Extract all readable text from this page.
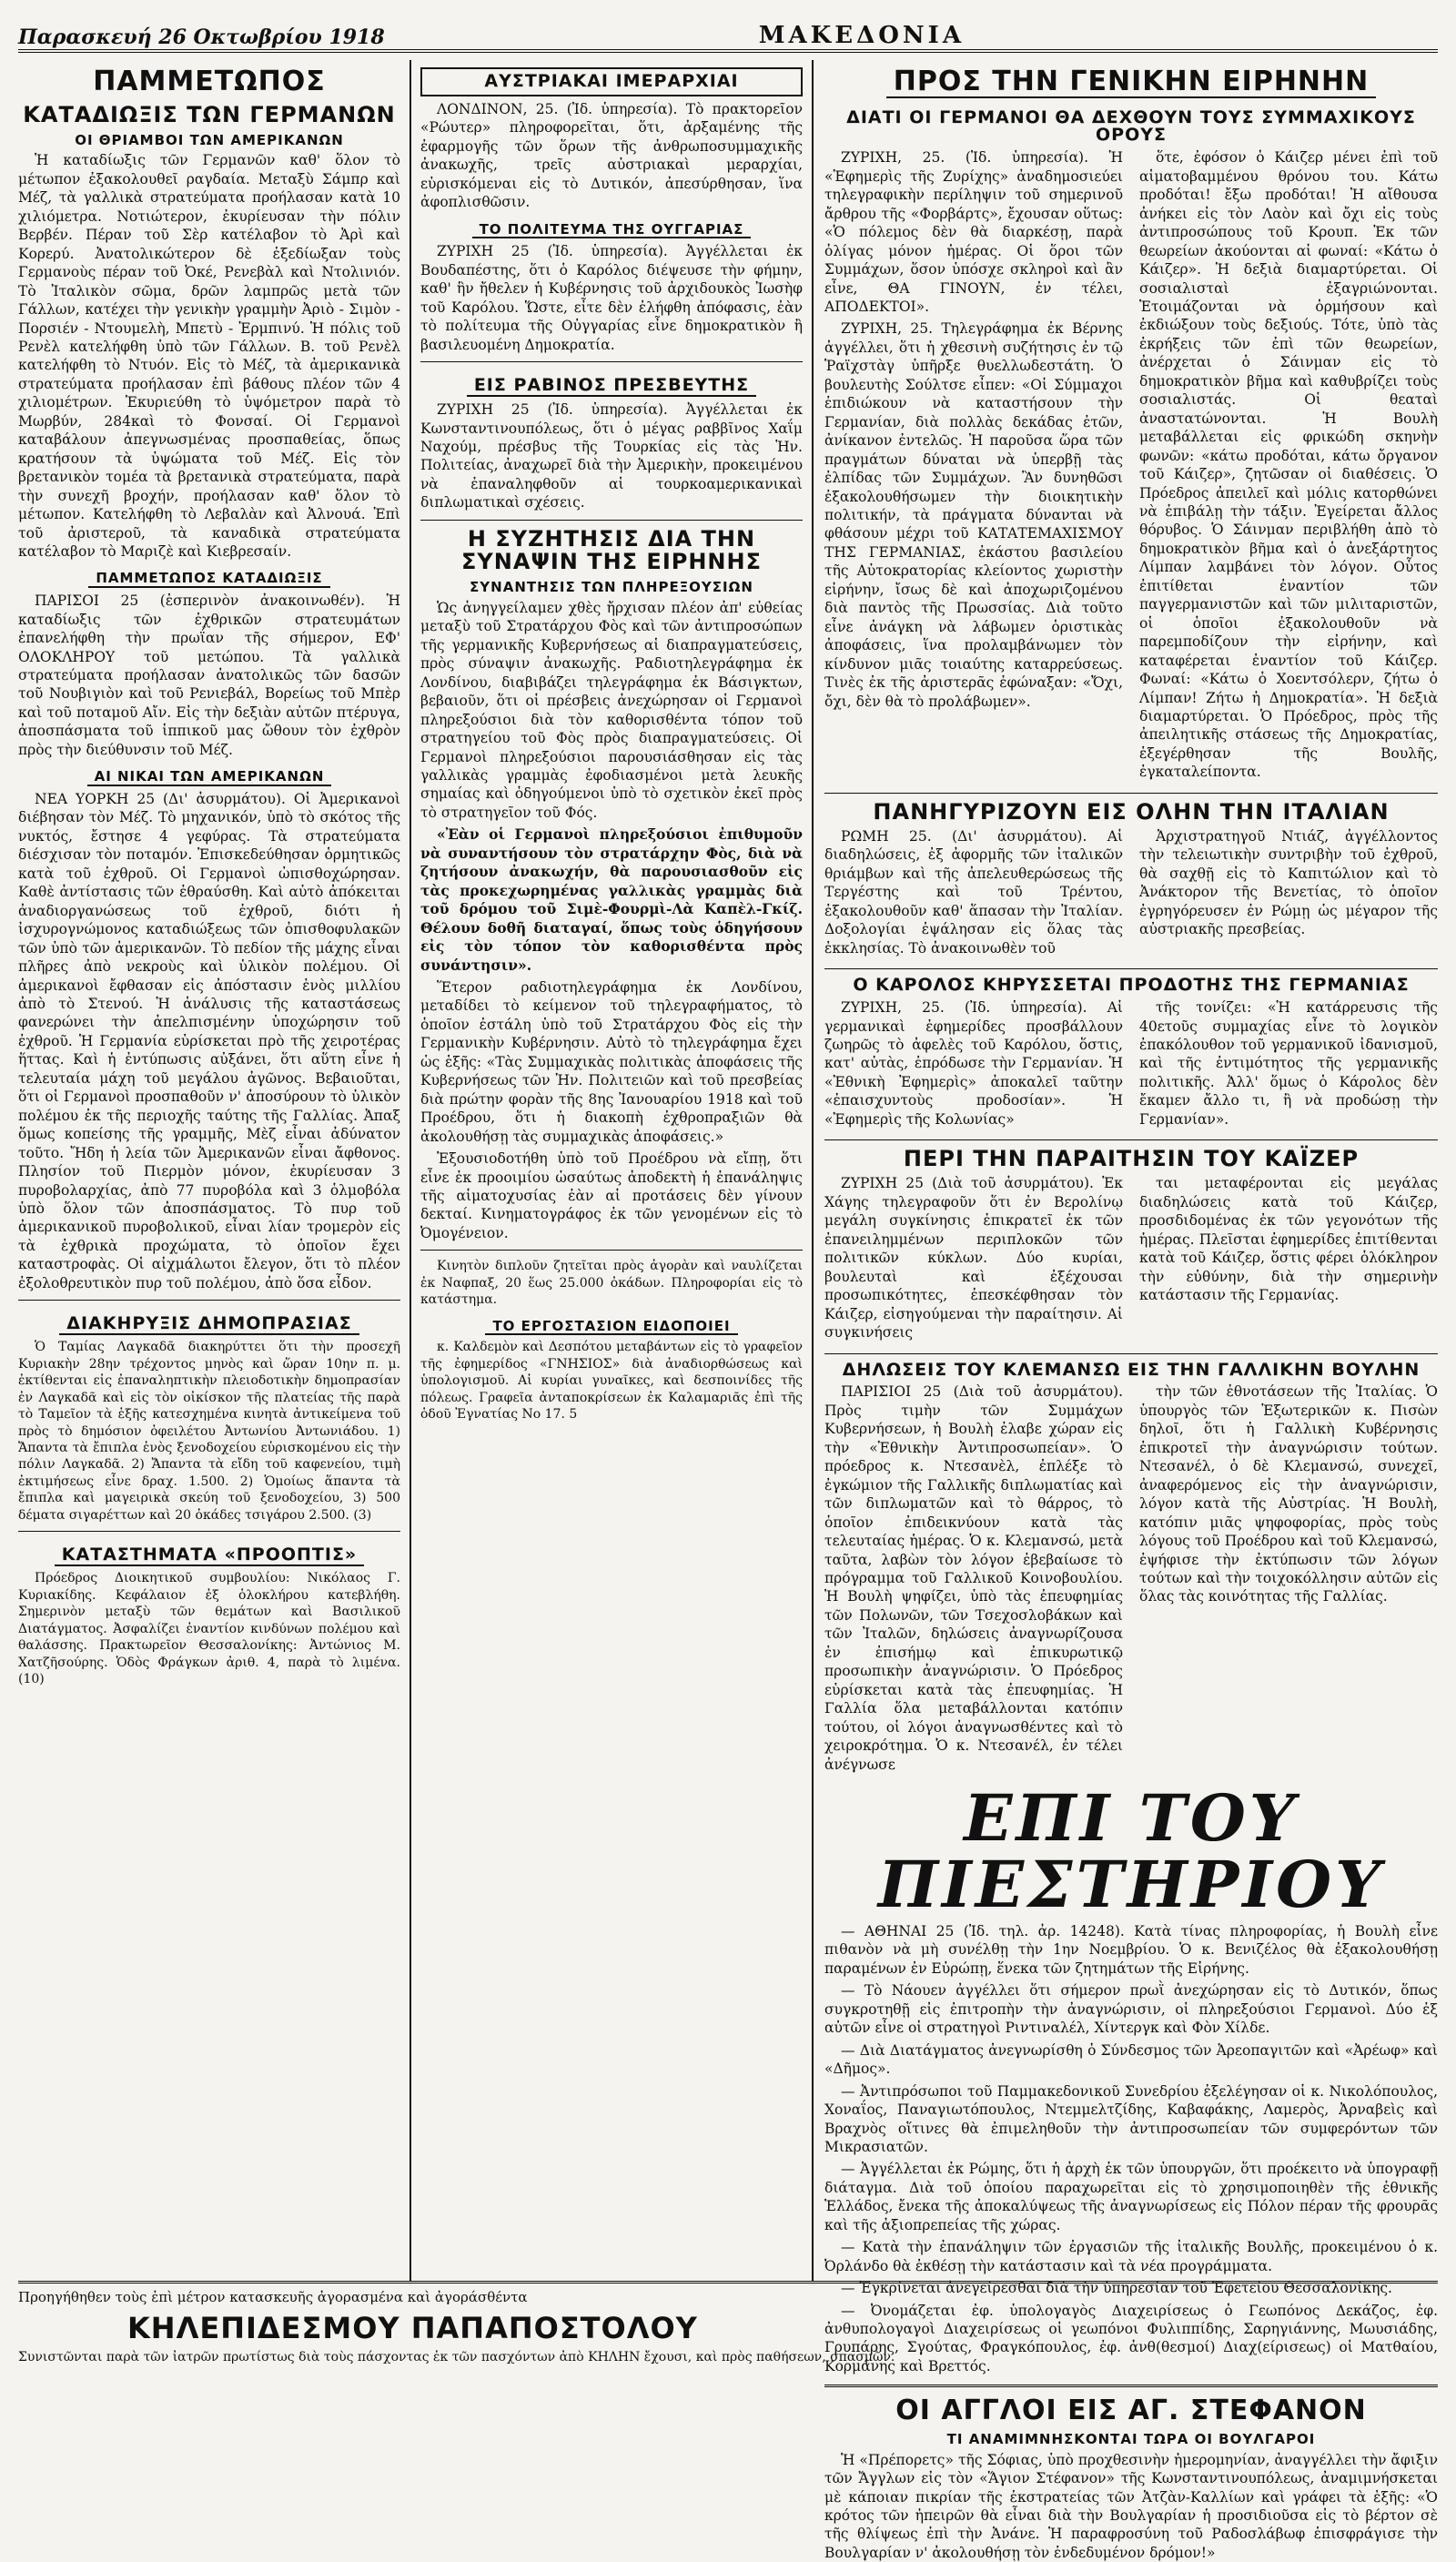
Παρασκευή 26 Οκτωβρίου 1918	ΜΑΚΕΔΟΝΙΑ
ΠΑΜΜΕΤΩΠΟΣ
ΚΑΤΑΔΙΩΞΙΣ ΤΩΝ ΓΕΡΜΑΝΩΝ
ΟΙ ΘΡΙΑΜΒΟΙ ΤΩΝ ΑΜΕΡΙΚΑΝΩΝ

Ἡ καταδίωξις τῶν Γερμανῶν καθ' ὅλον τὸ μέτωπον ἐξακολουθεῖ ραγδαία. Μεταξὺ Σάμπρ καὶ Μέζ, τὰ γαλλικὰ στρατεύματα προήλασαν κατὰ 10 χιλιόμετρα. Νοτιώτερον, ἐκυρίευσαν τὴν πόλιν Βερβέν. Πέραν τοῦ Σὲρ κατέλαβον τὸ Ἀρὶ καὶ Κορερύ. Ἀνατολικώτερον δὲ ἐξεδίωξαν τοὺς Γερμανοὺς πέραν τοῦ Ὀκέ, Ρενεβὰλ καὶ Ντολινιόν. Τὸ Ἰταλικὸν σῶμα, δρῶν λαμπρῶς μετὰ τῶν Γάλλων, κατέχει τὴν γενικὴν γραμμὴν Ἀριὸ - Σιμὸν - Πορσιέν - Ντουμελὴ, Μπετὺ - Ἐρμπινύ. Ἡ πόλις τοῦ Ρενὲλ κατελήφθη ὑπὸ τῶν Γάλλων. Β. τοῦ Ρενὲλ κατελήφθη τὸ Ντυόν. Εἰς τὸ Μέζ, τὰ ἀμερικανικὰ στρατεύματα προήλασαν ἐπὶ βάθους πλέον τῶν 4 χιλιομέτρων. Ἐκυριεύθη τὸ ὑψόμετρον παρὰ τὸ Μωρβύν, 284καὶ τὸ Φονσαί. Οἱ Γερμανοὶ καταβάλουν ἀπεγνωσμένας προσπαθείας, ὅπως κρατήσουν τὰ ὑψώματα τοῦ Μέζ. Εἰς τὸν βρετανικὸν τομέα τὰ βρετανικὰ στρατεύματα, παρὰ τὴν συνεχῆ βροχήν, προήλασαν καθ' ὅλον τὸ μέτωπον. Κατελήφθη τὸ Λεβαλὰν καὶ Ἀλνουά. Ἐπὶ τοῦ ἀριστεροῦ, τὰ καναδικὰ στρατεύματα κατέλαβον τὸ Μαριζὲ καὶ Κιεβρεσαίν.

ΠΑΜΜΕΤΩΠΟΣ ΚΑΤΑΔΙΩΞΙΣ

ΠΑΡΙΣΟΙ 25 (ἑσπερινὸν ἀνακοινωθέν). Ἡ καταδίωξις τῶν ἐχθρικῶν στρατευμάτων ἐπανελήφθη τὴν πρωΐαν τῆς σήμερον, ΕΦ' ΟΛΟΚΛΗΡΟΥ τοῦ μετώπου. Τὰ γαλλικὰ στρατεύματα προήλασαν ἀνατολικῶς τῶν δασῶν τοῦ Νουβιγιὸν καὶ τοῦ Ρενιεβάλ, Βορείως τοῦ Μπὲρ καὶ τοῦ ποταμοῦ Αἴν. Εἰς τὴν δεξιὰν αὐτῶν πτέρυγα, ἀποσπάσματα τοῦ ἱππικοῦ μας ὤθουν τὸν ἐχθρὸν πρὸς τὴν διεύθυνσιν τοῦ Μέζ.

ΑΙ ΝΙΚΑΙ ΤΩΝ ΑΜΕΡΙΚΑΝΩΝ

ΝΕΑ ΥΟΡΚΗ 25 (Δι' ἀσυρμάτου). Οἱ Ἀμερικανοὶ διέβησαν τὸν Μέζ. Τὸ μηχανικόν, ὑπὸ τὸ σκότος τῆς νυκτός, ἔστησε 4 γεφύρας. Τὰ στρατεύματα διέσχισαν τὸν ποταμόν. Ἐπισκεδεύθησαν ὁρμητικῶς κατὰ τοῦ ἐχθροῦ. Οἱ Γερμανοὶ ὠπισθοχώρησαν. Καθὲ ἀντίστασις τῶν ἐθραύσθη. Καὶ αὐτὸ ἀπόκειται ἀναδιοργανώσεως τοῦ ἐχθροῦ, διότι ἡ ἰσχυρογνώμονος καταδιώξεως τῶν ὀπισθοφυλακῶν τῶν ὑπὸ τῶν ἀμερικανῶν. Τὸ πεδίον τῆς μάχης εἶναι πλῆρες ἀπὸ νεκροὺς καὶ ὑλικὸν πολέμου. Οἱ ἀμερικανοὶ ἔφθασαν εἰς ἀπόστασιν ἑνὸς μιλλίου ἀπὸ τὸ Στενού. Ἡ ἀνάλυσις τῆς καταστάσεως φανερώνει τὴν ἀπελπισμένην ὑποχώρησιν τοῦ ἐχθροῦ. Ἡ Γερμανία εὑρίσκεται πρὸ τῆς χειροτέρας ἥττας. Καὶ ἡ ἐντύπωσις αὐξάνει, ὅτι αὕτη εἶνε ἡ τελευταία μάχη τοῦ μεγάλου ἀγῶνος. Βεβαιοῦται, ὅτι οἱ Γερμανοὶ προσπαθοῦν ν' ἀποσύρουν τὸ ὑλικὸν πολέμου ἐκ τῆς περιοχῆς ταύτης τῆς Γαλλίας. Ἀπαξ ὅμως κοπείσης τῆς γραμμῆς, Μὲζ εἶναι ἀδύνατον τοῦτο. Ἤδη ἡ λεία τῶν Ἀμερικανῶν εἶναι ἄφθονος. Πλησίον τοῦ Πιερμὸν μόνον, ἐκυρίευσαν 3 πυροβολαρχίας, ἀπὸ 77 πυροβόλα καὶ 3 ὁλμοβόλα ὑπὸ ὅλον τῶν ἀποσπάσματος. Τὸ πυρ τοῦ ἀμερικανικοῦ πυροβολικοῦ, εἶναι λίαν τρομερὸν εἰς τὰ ἐχθρικὰ προχώματα, τὸ ὁποῖον ἔχει καταστροφὰς. Οἱ αἰχμάλωτοι ἔλεγον, ὅτι τὸ πλέον ἐξολοθρευτικὸν πυρ τοῦ πολέμου, ἀπὸ ὅσα εἶδον.

ΔΙΑΚΗΡΥΞΙΣ ΔΗΜΟΠΡΑΣΙΑΣ

Ὁ Ταμίας Λαγκαδᾶ διακηρύττει ὅτι τὴν προσεχῆ Κυριακὴν 28ην τρέχοντος μηνὸς καὶ ὥραν 10ην π. μ. ἐκτίθενται εἰς ἐπαναληπτικὴν πλειοδοτικὴν δημοπρασίαν ἐν Λαγκαδᾶ καὶ εἰς τὸν οἰκίσκον τῆς πλατείας τῆς παρὰ τὸ Ταμεῖον τὰ ἑξῆς κατεσχημένα κινητὰ ἀντικείμενα τοῦ πρὸς τὸ δημόσιον ὀφειλέτου Ἀντωνίου Ἀντωνιάδου. 1) Ἄπαντα τὰ ἔπιπλα ἑνὸς ξενοδοχείου εὑρισκομένου εἰς τὴν πόλιν Λαγκαδᾶ. 2) Ἄπαντα τὰ εἴδη τοῦ καφενείου, τιμὴ ἐκτιμήσεως εἶνε δραχ. 1.500. 2) Ὁμοίως ἅπαντα τὰ ἔπιπλα καὶ μαγειρικὰ σκεύη τοῦ ξενοδοχείου, 3) 500 δέματα σιγαρέττων καὶ 20 ὀκάδες τσιγάρου 2.500. (3)

ΚΑΤΑΣΤΗΜΑΤΑ «ΠΡΟΟΠΤΙΣ»

Πρόεδρος Διοικητικοῦ συμβουλίου: Νικόλαος Γ. Κυριακίδης. Κεφάλαιον ἐξ ὁλοκλήρου κατεβλήθη. Σημερινὸν μεταξὺ τῶν θεμάτων καὶ Βασιλικοῦ Διατάγματος. Ἀσφαλίζει ἐναντίον κινδύνων πολέμου καὶ θαλάσσης. Πρακτωρεῖον Θεσσαλονίκης: Ἀντώνιος Μ. Χατζῆσούρης. Ὁδὸς Φράγκων ἀριθ. 4, παρὰ τὸ λιμένα. (10)

ΑΥΣΤΡΙΑΚΑΙ ΙΜΕΡΑΡΧΙΑΙ

ΛΟΝΔΙΝΟΝ, 25. (Ἰδ. ὑπηρεσία). Τὸ πρακτορεῖον «Ρώυτερ» πληροφορεῖται, ὅτι, ἀρξαμένης τῆς ἐφαρμογῆς τῶν ὅρων τῆς ἀνθρωποσυμμαχικῆς ἀνακωχῆς, τρεῖς αὐστριακαὶ μεραρχίαι, εὑρισκόμεναι εἰς τὸ Δυτικόν, ἀπεσύρθησαν, ἵνα ἀφοπλισθῶσιν.

ΤΟ ΠΟΛΙΤΕΥΜΑ ΤΗΣ ΟΥΓΓΑΡΙΑΣ

ΖΥΡΙΧΗ 25 (Ἰδ. ὑπηρεσία). Ἀγγέλλεται ἐκ Βουδαπέστης, ὅτι ὁ Καρόλος διέψευσε τὴν φήμην, καθ' ἣν ἤθελεν ἡ Κυβέρνησις τοῦ ἀρχιδουκὸς Ἰωσὴφ τοῦ Καρόλου. Ὥστε, εἶτε δὲν ἐλήφθη ἀπόφασις, ἐὰν τὸ πολίτευμα τῆς Οὐγγαρίας εἶνε δημοκρατικὸν ἢ βασιλευομένη Δημοκρατία.

ΕΙΣ ΡΑΒΙΝΟΣ ΠΡΕΣΒΕΥΤΗΣ

ΖΥΡΙΧΗ 25 (Ἰδ. ὑπηρεσία). Ἀγγέλλεται ἐκ Κωνσταντινουπόλεως, ὅτι ὁ μέγας ραββῖνος Χαΐμ Ναχούμ, πρέσβυς τῆς Τουρκίας εἰς τὰς Ἡν. Πολιτείας, ἀναχωρεῖ διὰ τὴν Ἀμερικὴν, προκειμένου νὰ ἐπαναληφθοῦν αἱ τουρκοαμερικανικαὶ διπλωματικαὶ σχέσεις.

Η ΣΥΖΗΤΗΣΙΣ ΔΙΑ ΤΗΝ ΣΥΝΑΨΙΝ ΤΗΣ ΕΙΡΗΝΗΣ
ΣΥΝΑΝΤΗΣΙΣ ΤΩΝ ΠΛΗΡΕΞΟΥΣΙΩΝ

Ὡς ἀνηγγείλαμεν χθὲς ἤρχισαν πλέον ἀπ' εὐθείας μεταξὺ τοῦ Στρατάρχου Φὸς καὶ τῶν ἀντιπροσώπων τῆς γερμανικῆς Κυβερνήσεως αἱ διαπραγματεύσεις, πρὸς σύναψιν ἀνακωχῆς. Ραδιοτηλεγράφημα ἐκ Λονδίνου, διαβιβάζει τηλεγράφημα ἐκ Βάσιγκτων, βεβαιοῦν, ὅτι οἱ πρέσβεις ἀνεχώρησαν οἱ Γερμανοὶ πληρεξούσιοι διὰ τὸν καθορισθέντα τόπον τοῦ στρατηγείου τοῦ Φὸς πρὸς διαπραγματεύσεις. Οἱ Γερμανοὶ πληρεξούσιοι παρουσιάσθησαν εἰς τὰς γαλλικὰς γραμμὰς ἐφοδιασμένοι μετὰ λευκῆς σημαίας καὶ ὁδηγούμενοι ὑπὸ τὸ σχετικὸν ἐκεῖ πρὸς τὸ στρατηγεῖον τοῦ Φός.

«Ἐὰν οἱ Γερμανοὶ πληρεξούσιοι ἐπιθυμοῦν νὰ συναντήσουν τὸν στρατάρχην Φὸς, διὰ νὰ ζητήσουν ἀνακωχήν, θὰ παρουσιασθοῦν εἰς τὰς προκεχωρημένας γαλλικὰς γραμμὰς διὰ τοῦ δρόμου τοῦ Σιμὲ-Φουρμὶ-Λὰ Καπὲλ-Γκίζ. Θέλουν δοθῆ διαταγαί, ὅπως τοὺς ὁδηγήσουν εἰς τὸν τόπον τὸν καθορισθέντα πρὸς συνάντησιν».

Ἕτερον ραδιοτηλεγράφημα ἐκ Λονδίνου, μεταδίδει τὸ κείμενον τοῦ τηλεγραφήματος, τὸ ὁποῖον ἐστάλη ὑπὸ τοῦ Στρατάρχου Φὸς εἰς τὴν Γερμανικὴν Κυβέρνησιν. Αὐτὸ τὸ τηλεγράφημα ἔχει ὡς ἑξῆς: «Τὰς Συμμαχικὰς πολιτικὰς ἀποφάσεις τῆς Κυβερνήσεως τῶν Ἡν. Πολιτειῶν καὶ τοῦ πρεσβείας διὰ πρώτην φορὰν τῆς 8ης Ἰανουαρίου 1918 καὶ τοῦ Προέδρου, ὅτι ἡ διακοπὴ ἐχθροπραξιῶν θὰ ἀκολουθήσῃ τὰς συμμαχικὰς ἀποφάσεις.»

Ἐξουσιοδοτήθη ὑπὸ τοῦ Προέδρου νὰ εἴπῃ, ὅτι εἶνε ἐκ προοιμίου ὡσαύτως ἀποδεκτὴ ἡ ἐπανάληψις τῆς αἱματοχυσίας ἐὰν αἱ προτάσεις δὲν γίνουν δεκταί. Κινηματογράφος ἐκ τῶν γενομένων εἰς τὸ Ὀμογένειον.

Κινητὸν διπλοῦν ζητεῖται πρὸς ἀγορὰν καὶ ναυλίζεται ἐκ Ναφπαξ, 20 ἕως 25.000 ὀκάδων. Πληροφορίαι εἰς τὸ κατάστημα.

ΤΟ ΕΡΓΟΣΤΑΣΙΟΝ ΕΙΔΟΠΟΙΕΙ

κ. Καλδεμὸν καὶ Δεσπότου μεταβάντων εἰς τὸ γραφεῖον τῆς ἐφημερίδος «ΓΝΗΣΙΟΣ» διὰ ἀναδιορθώσεως καὶ ὑπολογισμοῦ. Αἱ κυρίαι γυναῖκες, καὶ δεσποινίδες τῆς πόλεως. Γραφεῖα ἀνταποκρίσεων ἐκ Καλαμαριᾶς ἐπὶ τῆς ὁδοῦ Ἐγνατίας No 17. 5

ΠΡΟΣ ΤΗΝ ΓΕΝΙΚΗΝ ΕΙΡΗΝΗΝ
ΔΙΑΤΙ ΟΙ ΓΕΡΜΑΝΟΙ ΘΑ ΔΕΧΘΟΥΝ ΤΟΥΣ ΣΥΜΜΑΧΙΚΟΥΣ ΟΡΟΥΣ

ΖΥΡΙΧΗ, 25. (Ἰδ. ὑπηρεσία). Ἡ «Ἐφημερὶς τῆς Ζυρίχης» ἀναδημοσιεύει τηλεγραφικὴν περίληψιν τοῦ σημερινοῦ ἄρθρου τῆς «Φορβάρτς», ἔχουσαν οὕτως: «Ὁ πόλεμος δὲν θὰ διαρκέσῃ, παρὰ ὀλίγας μόνον ἡμέρας. Οἱ ὅροι τῶν Συμμάχων, ὅσον ὑπόσχε σκληροὶ καὶ ἂν εἶνε, ΘΑ ΓΙΝΟΥΝ, ἐν τέλει, ΑΠΟΔΕΚΤΟΙ».

ΖΥΡΙΧΗ, 25. Τηλεγράφημα ἐκ Βέρνης ἀγγέλλει, ὅτι ἡ χθεσινὴ συζήτησις ἐν τῷ Ῥαϊχστὰγ ὑπῆρξε θυελλωδεστάτη. Ὁ βουλευτὴς Σούλτσε εἶπεν: «Οἱ Σύμμαχοι ἐπιδιώκουν νὰ καταστήσουν τὴν Γερμανίαν, διὰ πολλὰς δεκάδας ἐτῶν, ἀνίκανον ἐντελῶς. Ἡ παροῦσα ὥρα τῶν πραγμάτων δύναται νὰ ὑπερβῇ τὰς ἐλπίδας τῶν Συμμάχων. Ἂν δυνηθῶσι ἐξακολουθήσωμεν τὴν διοικητικὴν πολιτικήν, τὰ πράγματα δύνανται νὰ φθάσουν μέχρι τοῦ ΚΑΤΑΤΕΜΑΧΙΣΜΟΥ ΤΗΣ ΓΕΡΜΑΝΙΑΣ, ἐκάστου βασιλείου τῆς Αὐτοκρατορίας κλείοντος χωριστὴν εἰρήνην, ἴσως δὲ καὶ ἀποχωριζομένου διὰ παντὸς τῆς Πρωσσίας. Διὰ τοῦτο εἶνε ἀνάγκη νὰ λάβωμεν ὁριστικὰς ἀποφάσεις, ἵνα προλαμβάνωμεν τὸν κίνδυνον μιᾶς τοιαύτης καταρρεύσεως. Τινὲς ἐκ τῆς ἀριστερᾶς ἐφώναξαν: «Ὄχι, ὄχι, δὲν θὰ τὸ προλάβωμεν».

ὅτε, ἐφόσον ὁ Κάιζερ μένει ἐπὶ τοῦ αἱματοβαμμένου θρόνου του. Κάτω προδόται! ἔξω προδόται! Ἡ αἴθουσα ἀνήκει εἰς τὸν Λαὸν καὶ ὄχι εἰς τοὺς ἀντιπροσώπους τοῦ Κρουπ. Ἐκ τῶν θεωρείων ἀκούονται αἱ φωναί: «Κάτω ὁ Κάιζερ». Ἡ δεξιὰ διαμαρτύρεται. Οἱ σοσιαλισταὶ ἐξαγριώνονται. Ἑτοιμάζονται νὰ ὁρμήσουν καὶ ἐκδιώξουν τοὺς δεξιούς. Τότε, ὑπὸ τὰς ἐκρήξεις τῶν ἐπὶ τῶν θεωρείων, ἀνέρχεται ὁ Σάινμαν εἰς τὸ δημοκρατικὸν βῆμα καὶ καθυβρίζει τοὺς σοσιαλιστάς. Οἱ θεαταὶ ἀναστατώνονται. Ἡ Βουλὴ μεταβάλλεται εἰς φρικώδη σκηνὴν φωνῶν: «κάτω προδόται, κάτω ὄργανον τοῦ Κάιζερ», ζητῶσαν οἱ διαθέσεις. Ὁ Πρόεδρος ἀπειλεῖ καὶ μόλις κατορθώνει νὰ ἐπιβάλῃ τὴν τάξιν. Ἐγείρεται ἄλλος θόρυβος. Ὁ Σάινμαν περιβλήθη ἀπὸ τὸ δημοκρατικὸν βῆμα καὶ ὁ ἀνεξάρτητος Λίμπαν λαμβάνει τὸν λόγον. Οὗτος ἐπιτίθεται ἐναντίον τῶν παγγερμανιστῶν καὶ τῶν μιλιταριστῶν, οἱ ὁποῖοι ἐξακολουθοῦν νὰ παρεμποδίζουν τὴν εἰρήνην, καὶ καταφέρεται ἐναντίον τοῦ Κάιζερ. Φωναί: «Κάτω ὁ Χοεντσόλερν, ζήτω ὁ Λίμπαν! Ζήτω ἡ Δημοκρατία». Ἡ δεξιὰ διαμαρτύρεται. Ὁ Πρόεδρος, πρὸς τῆς ἀπειλητικῆς στάσεως τῆς Δημοκρατίας, ἐξεγέρθησαν τῆς Βουλῆς, ἐγκαταλείποντα.

ΠΑΝΗΓΥΡΙΖΟΥΝ ΕΙΣ ΟΛΗΝ ΤΗΝ ΙΤΑΛΙΑΝ

ΡΩΜΗ 25. (Δι' ἀσυρμάτου). Αἱ διαδηλώσεις, ἐξ ἀφορμῆς τῶν ἰταλικῶν θριάμβων καὶ τῆς ἀπελευθερώσεως τῆς Τεργέστης καὶ τοῦ Τρέντου, ἐξακολουθοῦν καθ' ἅπασαν τὴν Ἰταλίαν. Δοξολογίαι ἐψάλησαν εἰς ὅλας τὰς ἐκκλησίας. Τὸ ἀνακοινωθὲν τοῦ

Ἀρχιστρατηγοῦ Ντιάζ, ἀγγέλλοντος τὴν τελειωτικὴν συντριβὴν τοῦ ἐχθροῦ, θὰ σαχθῇ εἰς τὸ Καπιτώλιον καὶ τὸ Ἀνάκτορον τῆς Βενετίας, τὸ ὁποῖον ἐγρηγόρευσεν ἐν Ρώμῃ ὡς μέγαρον τῆς αὐστριακῆς πρεσβείας.

Ο ΚΑΡΟΛΟΣ ΚΗΡΥΣΣΕΤΑΙ ΠΡΟΔΟΤΗΣ ΤΗΣ ΓΕΡΜΑΝΙΑΣ

ΖΥΡΙΧΗ, 25. (Ἰδ. ὑπηρεσία). Αἱ γερμανικαὶ ἐφημερίδες προσβάλλουν ζωηρῶς τὸ ἀφελὲς τοῦ Καρόλου, ὅστις, κατ' αὐτὰς, ἐπρόδωσε τὴν Γερμανίαν. Ἡ «Ἐθνικὴ Ἐφημερὶς» ἀποκαλεῖ ταῦτην «ἐπαισχυντοὺς προδοσίαν». Ἡ «Ἐφημερὶς τῆς Κολωνίας»

τῆς τονίζει: «Ἡ κατάρρευσις τῆς 40ετοῦς συμμαχίας εἶνε τὸ λογικὸν ἐπακόλουθον τοῦ γερμανικοῦ ἰδανισμοῦ, καὶ τῆς ἐντιμότητος τῆς γερμανικῆς πολιτικῆς. Ἀλλ' ὅμως ὁ Κάρολος δὲν ἔκαμεν ἄλλο τι, ἢ νὰ προδώσῃ τὴν Γερμανίαν».

ΠΕΡΙ ΤΗΝ ΠΑΡΑΙΤΗΣΙΝ ΤΟΥ ΚΑΪΖΕΡ

ΖΥΡΙΧΗ 25 (Διὰ τοῦ ἀσυρμάτου). Ἐκ Χάγης τηλεγραφοῦν ὅτι ἐν Βερολίνῳ μεγάλη συγκίνησις ἐπικρατεῖ ἐκ τῶν ἐπανειλημμένων περιπλοκῶν τῶν πολιτικῶν κύκλων. Δύο κυρίαι, βουλευταὶ καὶ ἐξέχουσαι προσωπικότητες, ἐπεσκέφθησαν τὸν Κάιζερ, εἰσηγούμεναι τὴν παραίτησιν. Αἱ συγκινήσεις

ται μεταφέρονται εἰς μεγάλας διαδηλώσεις κατὰ τοῦ Κάιζερ, προσδιδομένας ἐκ τῶν γεγονότων τῆς ἡμέρας. Πλεῖσται ἐφημερίδες ἐπιτίθενται κατὰ τοῦ Κάιζερ, ὅστις φέρει ὁλόκληρον τὴν εὐθύνην, διὰ τὴν σημερινὴν κατάστασιν τῆς Γερμανίας.

ΔΗΛΩΣΕΙΣ ΤΟΥ ΚΛΕΜΑΝΣΩ ΕΙΣ ΤΗΝ ΓΑΛΛΙΚΗΝ ΒΟΥΛΗΝ

ΠΑΡΙΣΙΟΙ 25 (Διὰ τοῦ ἀσυρμάτου). Πρὸς τιμὴν τῶν Συμμάχων Κυβερνήσεων, ἡ Βουλὴ ἐλαβε χώραν εἰς τὴν «Ἐθνικὴν Ἀντιπροσωπείαν». Ὁ πρόεδρος κ. Ντεσανὲλ, ἐπλέξε τὸ ἐγκώμιον τῆς Γαλλικῆς διπλωματίας καὶ τῶν διπλωματῶν καὶ τὸ θάρρος, τὸ ὁποῖον ἐπιδεικνύουν κατὰ τὰς τελευταίας ἡμέρας. Ὁ κ. Κλεμανσώ, μετὰ ταῦτα, λαβὼν τὸν λόγον ἐβεβαίωσε τὸ πρόγραμμα τοῦ Γαλλικοῦ Κοινοβουλίου. Ἡ Βουλὴ ψηφίζει, ὑπὸ τὰς ἐπευφημίας τῶν Πολωνῶν, τῶν Τσεχοσλοβάκων καὶ τῶν Ἰταλῶν, δηλώσεις ἀναγνωρίζουσα ἐν ἐπισήμῳ καὶ ἐπικυρωτικῷ προσωπικὴν ἀναγνώρισιν. Ὁ Πρόεδρος εὑρίσκεται κατὰ τὰς ἐπευφημίας. Ἡ Γαλλία ὅλα μεταβάλλονται κατόπιν τούτου, οἱ λόγοι ἀναγνωσθέντες καὶ τὸ χειροκρότημα. Ὁ κ. Ντεσανέλ, ἐν τέλει ἀνέγνωσε

τὴν τῶν ἐθνοτάσεων τῆς Ἰταλίας. Ὁ ὑπουργὸς τῶν Ἐξωτερικῶν κ. Πισὼν δηλοῖ, ὅτι ἡ Γαλλικὴ Κυβέρνησις ἐπικροτεῖ τὴν ἀναγνώρισιν τούτων. Ντεσανέλ, ὁ δὲ Κλεμανσώ, συνεχεῖ, ἀναφερόμενος εἰς τὴν ἀναγνώρισιν, λόγον κατὰ τῆς Αὐστρίας. Ἡ Βουλὴ, κατόπιν μιᾶς ψηφοφορίας, πρὸς τοὺς λόγους τοῦ Προέδρου καὶ τοῦ Κλεμανσώ, ἐψήφισε τὴν ἐκτύπωσιν τῶν λόγων τούτων καὶ τὴν τοιχοκόλλησιν αὐτῶν εἰς ὅλας τὰς κοινότητας τῆς Γαλλίας.

ΕΠΙ ΤΟΥ ΠΙΕΣΤΗΡΙΟΥ

— ΑΘΗΝΑΙ 25 (Ἰδ. τηλ. ἀρ. 14248). Κατὰ τίνας πληροφορίας, ἡ Βουλὴ εἶνε πιθανὸν νὰ μὴ συνέλθῃ τὴν 1ην Νοεμβρίου. Ὁ κ. Βενιζέλος θὰ ἐξακολουθήσῃ παραμένων ἐν Εὐρώπῃ, ἕνεκα τῶν ζητημάτων τῆς Εἰρήνης.

— Τὸ Νάουεν ἀγγέλλει ὅτι σήμερον πρωῒ ἀνεχώρησαν εἰς τὸ Δυτικόν, ὅπως συγκροτηθῇ εἰς ἐπιτροπὴν τὴν ἀναγνώρισιν, οἱ πληρεξούσιοι Γερμανοὶ. Δύο ἐξ αὐτῶν εἶνε οἱ στρατηγοὶ Ριντιναλέλ, Χίντεργκ καὶ Φὸν Χίλδε.

— Διὰ Διατάγματος ἀνεγνωρίσθη ὁ Σύνδεσμος τῶν Ἀρεοπαγιτῶν καὶ «Ἀρέωφ» καὶ «Δῆμος».

— Ἀντιπρόσωποι τοῦ Παμμακεδονικοῦ Συνεδρίου ἐξελέγησαν οἱ κ. Νικολόπουλος, Χοναΐος, Παναγιωτόπουλος, Ντεμμελτζίδης, Καβαφάκης, Λαμερὸς, Ἀρναβεὶς καὶ Βραχνὸς οἵτινες θὰ ἐπιμεληθοῦν τὴν ἀντιπροσωπείαν τῶν συμφερόντων τῶν Μικρασιατῶν.

— Ἀγγέλλεται ἐκ Ρώμης, ὅτι ἡ ἀρχὴ ἐκ τῶν ὑπουργῶν, ὅτι προέκειτο νὰ ὑπογραφῇ διάταγμα. Διὰ τοῦ ὁποίου παραχωρεῖται εἰς τὸ χρησιμοποιηθὲν τῆς ἐθνικῆς Ἑλλάδος, ἔνεκα τῆς ἀποκαλύψεως τῆς ἀναγνωρίσεως εἰς Πόλον πέραν τῆς φρουρᾶς καὶ τῆς ἀξιοπρεπείας τῆς χώρας.

— Κατὰ τὴν ἐπανάληψιν τῶν ἐργασιῶν τῆς ἰταλικῆς Βουλῆς, προκειμένου ὁ κ. Ὀρλάνδο θὰ ἐκθέσῃ τὴν κατάστασιν καὶ τὰ νέα προγράμματα.

— Ἐγκρίνεται ἀνεγείρεσθαι διὰ τὴν ὑπηρεσίαν τοῦ Ἐφετείου Θεσσαλονίκης.

— Ὀνομάζεται ἐφ. ὑπολογαγὸς Διαχειρίσεως ὁ Γεωπόνος Δεκάζος, ἐφ. ἀνθυπολογαγοὶ Διαχειρίσεως οἱ γεωπόνοι Φυλιππίδης, Σαρηγιάννης, Μωυσιάδης, Γρυπάρης, Σγούτας, Φραγκόπουλος, ἐφ. ἀνθ(θεσμοί) Διαχ(είρισεως) οἱ Ματθαίου, Κορμάνης καὶ Βρεττός.

ΟΙ ΑΓΓΛΟΙ ΕΙΣ ΑΓ. ΣΤΕΦΑΝΟΝ
ΤΙ ΑΝΑΜΙΜΝΗΣΚΟΝΤΑΙ ΤΩΡΑ ΟΙ ΒΟΥΛΓΑΡΟΙ

Ἡ «Πρέπορετς» τῆς Σόφιας, ὑπὸ προχθεσινὴν ἡμερομηνίαν, ἀναγγέλλει τὴν ἄφιξιν τῶν Ἄγγλων εἰς τὸν «Ἅγιον Στέφανον» τῆς Κωνσταντινουπόλεως, ἀναμιμνήσκεται μὲ κάποιαν πικρίαν τῆς ἐκστρατείας τῶν Ἀτζὰν-Καλλίων καὶ γράφει τὰ ἑξῆς: «Ὁ κρότος τῶν ἠπειρῶν θὰ εἶναι διὰ τὴν Βουλγαρίαν ἡ προσιδιοῦσα εἰς τὸ βέρτον σὲ τῆς θλίψεως ἐπὶ τὴν Ἀνάνε. Ἡ παραφροσύνη τοῦ Ραδοσλάβωφ ἐπισφράγισε τὴν Βουλγαρίαν ν' ἀκολουθήσῃ τὸν ἐνδεδυμένον δρόμον!»

Προηγήθηθεν τοὺς ἐπὶ μέτρον κατασκευῆς ἀγορασμένα καὶ ἀγοράσθέντα

ΚΗΛΕΠΙΔΕΣΜΟΥ ΠΑΠΑΠΟΣΤΟΛΟΥ

Συνιστῶνται παρὰ τῶν ἰατρῶν πρωτίστως διὰ τοὺς πάσχοντας ἐκ τῶν πασχόντων ἀπὸ ΚΗΛΗΝ ἔχουσι, καὶ πρὸς παθήσεων, σπασμῶν.
